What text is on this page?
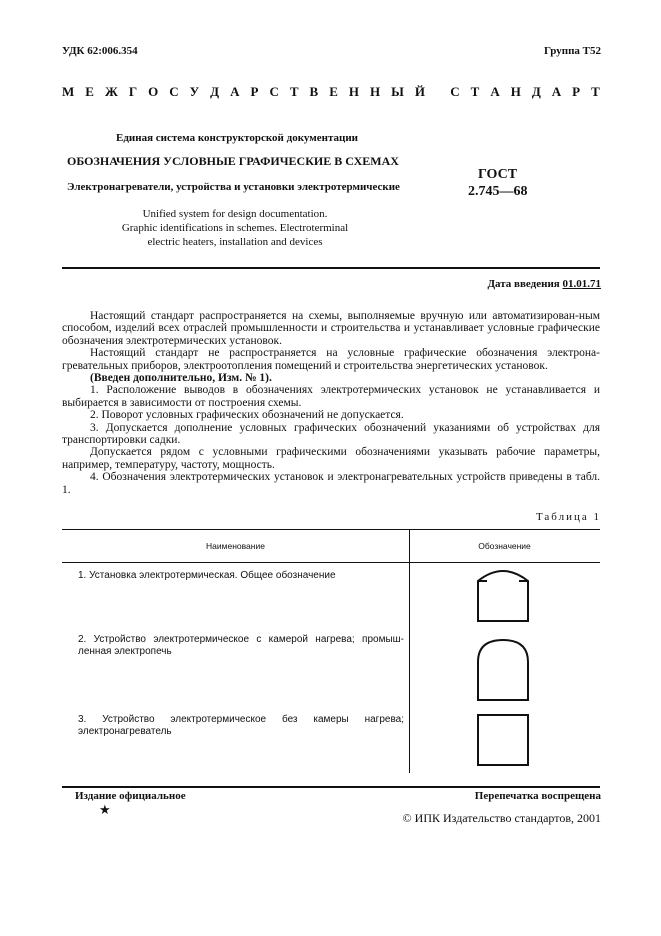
УДК 62:006.354	Группа Т52
М Е Ж Г О С У Д А Р С Т В Е Н Н Ы Й
С Т А Н Д А Р Т
Единая система конструкторской документации
ОБОЗНАЧЕНИЯ УСЛОВНЫЕ ГРАФИЧЕСКИЕ В СХЕМАХ
Электронагреватели, устройства и установки электротермические
ГОСТ
2.745—68
Unified system for design documentation.
Graphic identifications in schemes. Electroterminal
electric heaters, installation and devices
Дата введения 01.01.71

Настоящий стандарт распространяется на схемы, выполняемые вручную или автоматизирован-ным способом, изделий всех отраслей промышленности и строительства и устанавливает условные графические обозначения электротермических установок.

Настоящий стандарт не распространяется на условные графические обозначения электрона-гревательных приборов, электроотопления помещений и строительства энергетических установок.

(Введен дополнительно, Изм. № 1).

1. Расположение выводов в обозначениях электротермических установок не устанавливается и выбирается в зависимости от построения схемы.

2. Поворот условных графических обозначений не допускается.

3. Допускается дополнение условных графических обозначений указаниями об устройствах для транспортировки садки.

Допускается рядом с условными графическими обозначениями указывать рабочие параметры, например, температуру, частоту, мощность.

4. Обозначения электротермических установок и электронагревательных устройств приведены в табл. 1.

Таблица 1
Наименование	Обозначение
1. Установка электротермическая. Общее обозначение
2. Устройство электротермическое с камерой нагрева; промыш-ленная электропечь
3. Устройство электротермическое без камеры нагрева; электронагреватель
Издание официальное	Перепечатка воспрещена
★
© ИПК Издательство стандартов, 2001
